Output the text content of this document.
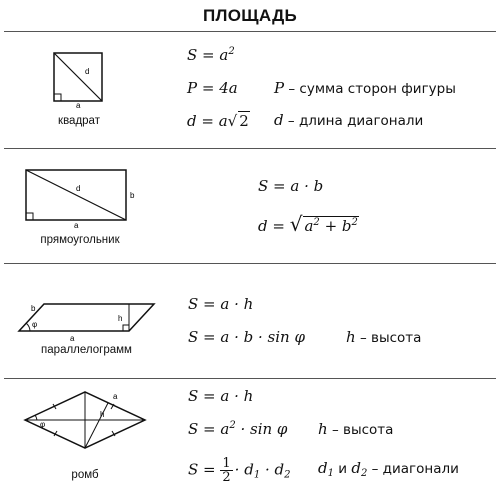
ПЛОЩАДЬ
d
a
квадрат
$S = a^2$
P = 4a P – сумма сторон фигуры
d = a√ 2 d – длина диагонали
d
b
a
прямоугольник
S = a · b
d = √ $a^2 + b^2$
b
φ
h
a
параллелограмм
S = a · h
S = a · b · sin φ	h – высота
φ
a
h
ромб
S = a · h
$S = a^2 \cdot \sin \varphi$ h – высота
$S = \frac{1}{2} \cdot d_1 \cdot d_2$ $d_1$ и $d_2$ – диагонали
